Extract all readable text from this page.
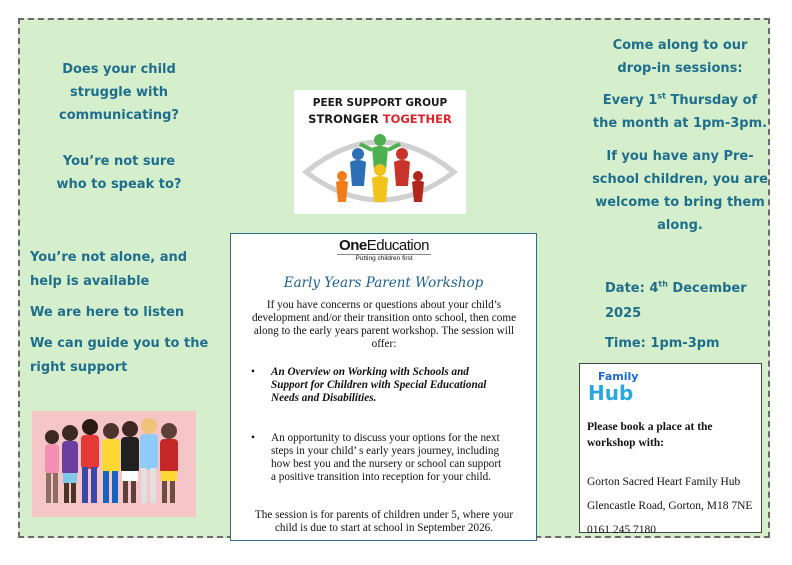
Does your child
struggle with
communicating?
You’re not sure
who to speak to?
You’re not alone, and
help is available
We are here to listen
We can guide you to the
right support
PEER SUPPORT GROUP
STRONGER TOGETHER
OneEducation
Putting children first
Early Years Parent Workshop
If you have concerns or questions about your child’s
development and/or their transition onto school, then come
along to the early years parent workshop. The session will
offer:
•	An Overview on Working with Schools and
Support for Children with Special Educational
Needs and Disabilities.
•	An opportunity to discuss your options for the next
steps in your child’ s early years journey, including
how best you and the nursery or school can support
a positive transition into reception for your child.
The session is for parents of children under 5, where your
child is due to start at school in September 2026.
Come along to our
drop-in sessions:
Every 1st Thursday of
the month at 1pm-3pm.
If you have any Pre-
school children, you are
welcome to bring them
along.
Date: 4th December
2025
Time: 1pm-3pm
Family
Hub
Please book a place at the
workshop with:
Gorton Sacred Heart Family Hub
Glencastle Road, Gorton, M18 7NE
0161 245 7180
